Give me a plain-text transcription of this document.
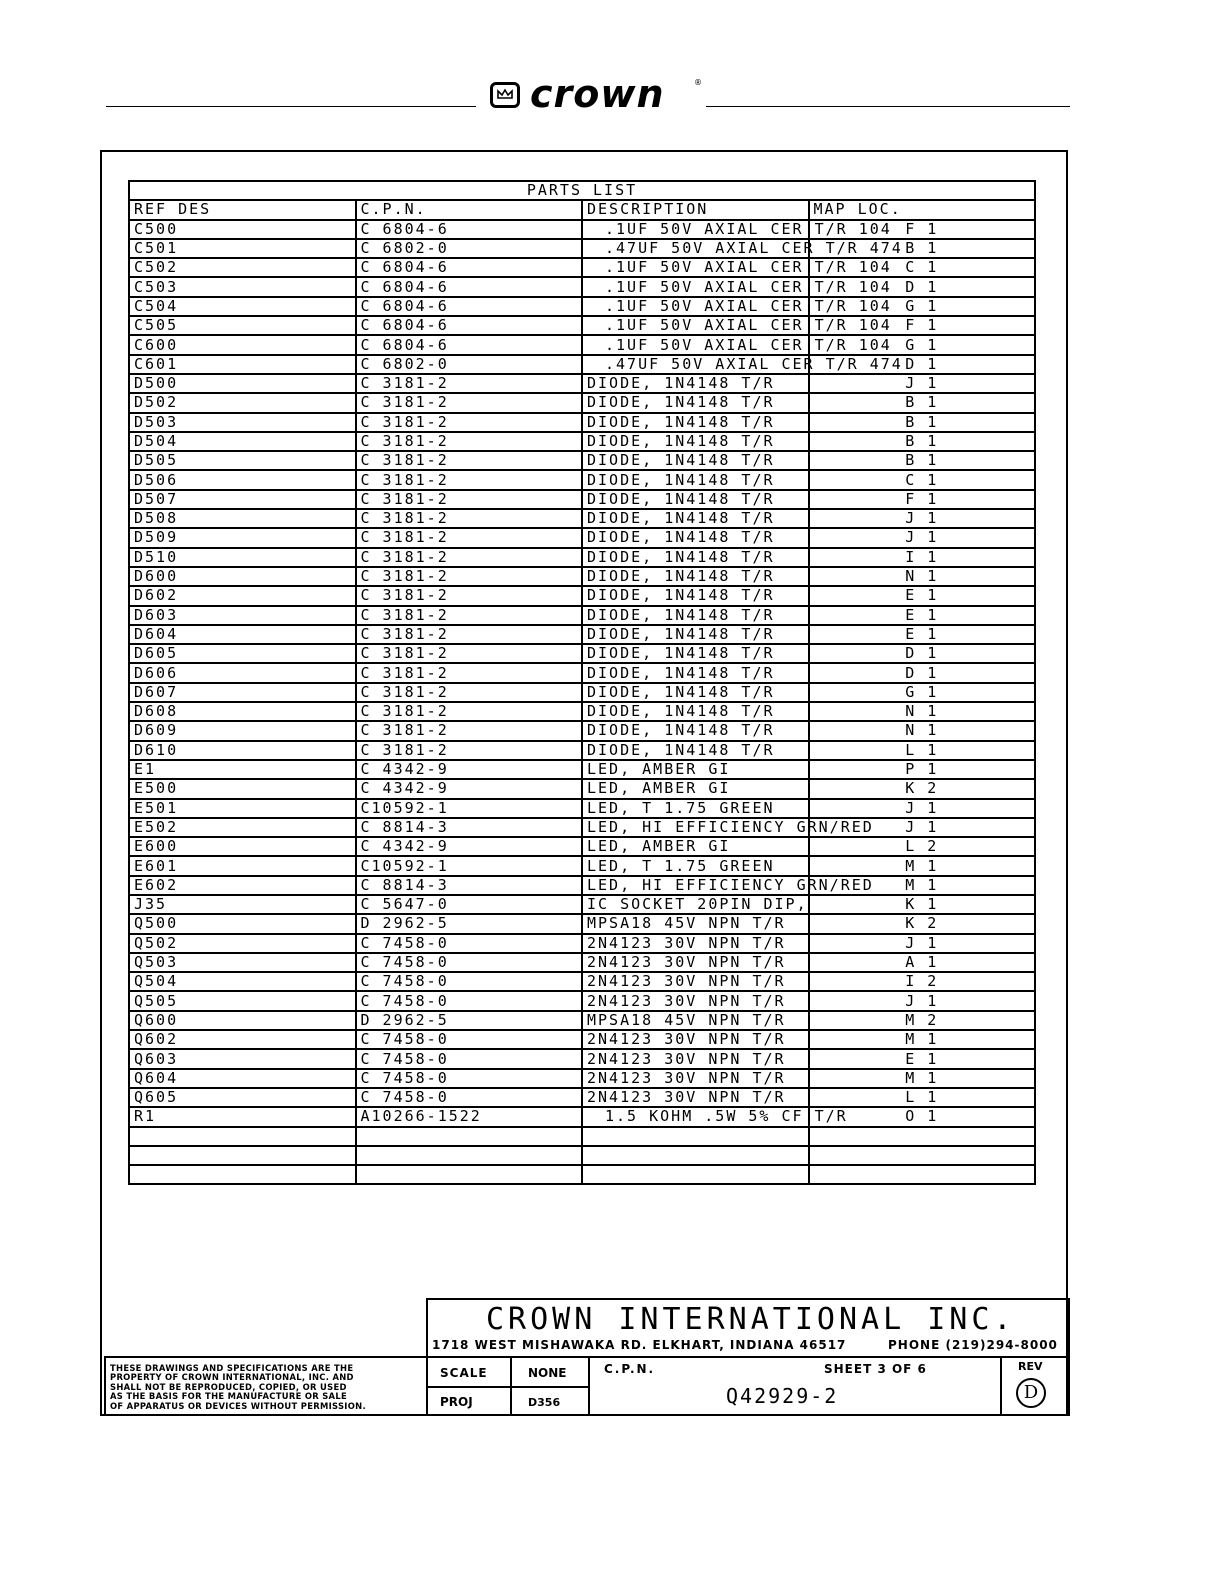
crown	®
PARTS LIST			
REF DES	C.P.N.	DESCRIPTION	MAP LOC.
C500	C 6804-6	.1UF 50V AXIAL CER T/R 104	F 1
C501	C 6802-0	.47UF 50V AXIAL CER T/R 474	B 1
C502	C 6804-6	.1UF 50V AXIAL CER T/R 104	C 1
C503	C 6804-6	.1UF 50V AXIAL CER T/R 104	D 1
C504	C 6804-6	.1UF 50V AXIAL CER T/R 104	G 1
C505	C 6804-6	.1UF 50V AXIAL CER T/R 104	F 1
C600	C 6804-6	.1UF 50V AXIAL CER T/R 104	G 1
C601	C 6802-0	.47UF 50V AXIAL CER T/R 474	D 1
D500	C 3181-2	DIODE, 1N4148 T/R	J 1
D502	C 3181-2	DIODE, 1N4148 T/R	B 1
D503	C 3181-2	DIODE, 1N4148 T/R	B 1
D504	C 3181-2	DIODE, 1N4148 T/R	B 1
D505	C 3181-2	DIODE, 1N4148 T/R	B 1
D506	C 3181-2	DIODE, 1N4148 T/R	C 1
D507	C 3181-2	DIODE, 1N4148 T/R	F 1
D508	C 3181-2	DIODE, 1N4148 T/R	J 1
D509	C 3181-2	DIODE, 1N4148 T/R	J 1
D510	C 3181-2	DIODE, 1N4148 T/R	I 1
D600	C 3181-2	DIODE, 1N4148 T/R	N 1
D602	C 3181-2	DIODE, 1N4148 T/R	E 1
D603	C 3181-2	DIODE, 1N4148 T/R	E 1
D604	C 3181-2	DIODE, 1N4148 T/R	E 1
D605	C 3181-2	DIODE, 1N4148 T/R	D 1
D606	C 3181-2	DIODE, 1N4148 T/R	D 1
D607	C 3181-2	DIODE, 1N4148 T/R	G 1
D608	C 3181-2	DIODE, 1N4148 T/R	N 1
D609	C 3181-2	DIODE, 1N4148 T/R	N 1
D610	C 3181-2	DIODE, 1N4148 T/R	L 1
E1	C 4342-9	LED, AMBER GI	P 1
E500	C 4342-9	LED, AMBER GI	K 2
E501	C10592-1	LED, T 1.75 GREEN	J 1
E502	C 8814-3	LED, HI EFFICIENCY GRN/RED	J 1
E600	C 4342-9	LED, AMBER GI	L 2
E601	C10592-1	LED, T 1.75 GREEN	M 1
E602	C 8814-3	LED, HI EFFICIENCY GRN/RED	M 1
J35	C 5647-0	IC SOCKET 20PIN DIP,	K 1
Q500	D 2962-5	MPSA18 45V NPN T/R	K 2
Q502	C 7458-0	2N4123 30V NPN T/R	J 1
Q503	C 7458-0	2N4123 30V NPN T/R	A 1
Q504	C 7458-0	2N4123 30V NPN T/R	I 2
Q505	C 7458-0	2N4123 30V NPN T/R	J 1
Q600	D 2962-5	MPSA18 45V NPN T/R	M 2
Q602	C 7458-0	2N4123 30V NPN T/R	M 1
Q603	C 7458-0	2N4123 30V NPN T/R	E 1
Q604	C 7458-0	2N4123 30V NPN T/R	M 1
Q605	C 7458-0	2N4123 30V NPN T/R	L 1
R1	A10266-1522	1.5 KOHM .5W 5% CF T/R	O 1

CROWN INTERNATIONAL INC.
1718 WEST MISHAWAKA RD. ELKHART, INDIANA 46517	PHONE (219)294-8000
THESE DRAWINGS AND SPECIFICATIONS ARE THE
PROPERTY OF CROWN INTERNATIONAL, INC. AND
SHALL NOT BE REPRODUCED, COPIED, OR USED
AS THE BASIS FOR THE MANUFACTURE OR SALE
OF APPARATUS OR DEVICES WITHOUT PERMISSION.
SCALE	NONE
PROJ	D356
C.P.N.	SHEET 3 OF 6
Q42929-2
REV
D
